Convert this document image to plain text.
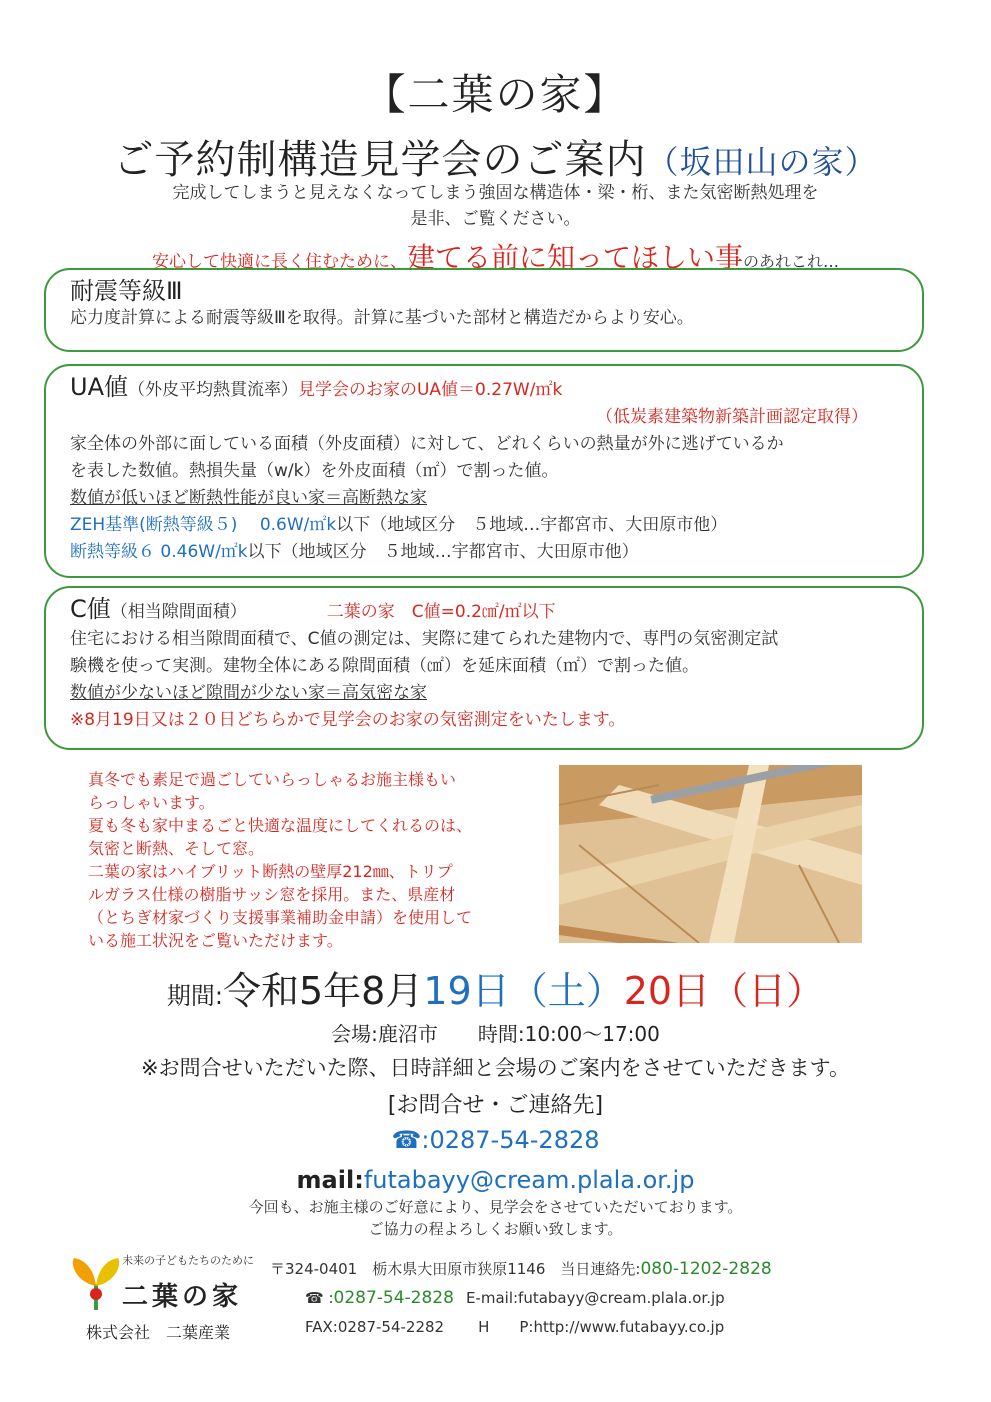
【二葉の家】
ご予約制構造見学会のご案内（坂田山の家）
完成してしまうと見えなくなってしまう強固な構造体・梁・桁、また気密断熱処理を
是非、ご覧ください。
安心して快適に長く住むために、建てる前に知ってほしい事のあれこれ…
耐震等級Ⅲ
応力度計算による耐震等級Ⅲを取得。計算に基づいた部材と構造だからより安心。
UA値（外皮平均熱貫流率）見学会のお家のUA値＝0.27W/㎡k
（低炭素建築物新築計画認定取得）
家全体の外部に面している面積（外皮面積）に対して、どれくらいの熱量が外に逃げているか
を表した数値。熱損失量（w/k）を外皮面積（㎡）で割った値。
数値が低いほど断熱性能が良い家＝高断熱な家
ZEH基準(断熱等級５)　 0.6W/㎡k以下（地域区分　５地域…宇都宮市、大田原市他）
断熱等級６ 0.46W/㎡k以下（地域区分　５地域…宇都宮市、大田原市他）
C値（相当隙間面積）	二葉の家　C値=0.2㎠/㎡以下
住宅における相当隙間面積で、C値の測定は、実際に建てられた建物内で、専門の気密測定試
験機を使って実測。建物全体にある隙間面積（㎠）を延床面積（㎡）で割った値。
数値が少ないほど隙間が少ない家＝高気密な家
※8月19日又は２０日どちらかで見学会のお家の気密測定をいたします。
真冬でも素足で過ごしていらっしゃるお施主様もい
らっしゃいます。
夏も冬も家中まるごと快適な温度にしてくれるのは、
気密と断熱、そして窓。
二葉の家はハイブリット断熱の壁厚212㎜、トリプ
ルガラス仕様の樹脂サッシ窓を採用。また、県産材
（とちぎ材家づくり支援事業補助金申請）を使用して
いる施工状況をご覧いただけます。
期間:令和5年8月19日（土）20日（日）
会場:鹿沼市　　時間:10:00～17:00
※お問合せいただいた際、日時詳細と会場のご案内をさせていただきます。
[お問合せ・ご連絡先]
☎:0287-54-2828
mail:futabayy@cream.plala.or.jp
今回も、お施主様のご好意により、見学会をさせていただいております。
ご協力の程よろしくお願い致します。
未来の子どもたちのために
二葉の家
株式会社　二葉産業
〒324-0401　栃木県大田原市狭原1146　当日連絡先:080-1202-2828
☎ :0287-54-2828 E-mail:futabayy@cream.plala.or.jp
FAX:0287-54-2282 H　　P:http://www.futabayy.co.jp
